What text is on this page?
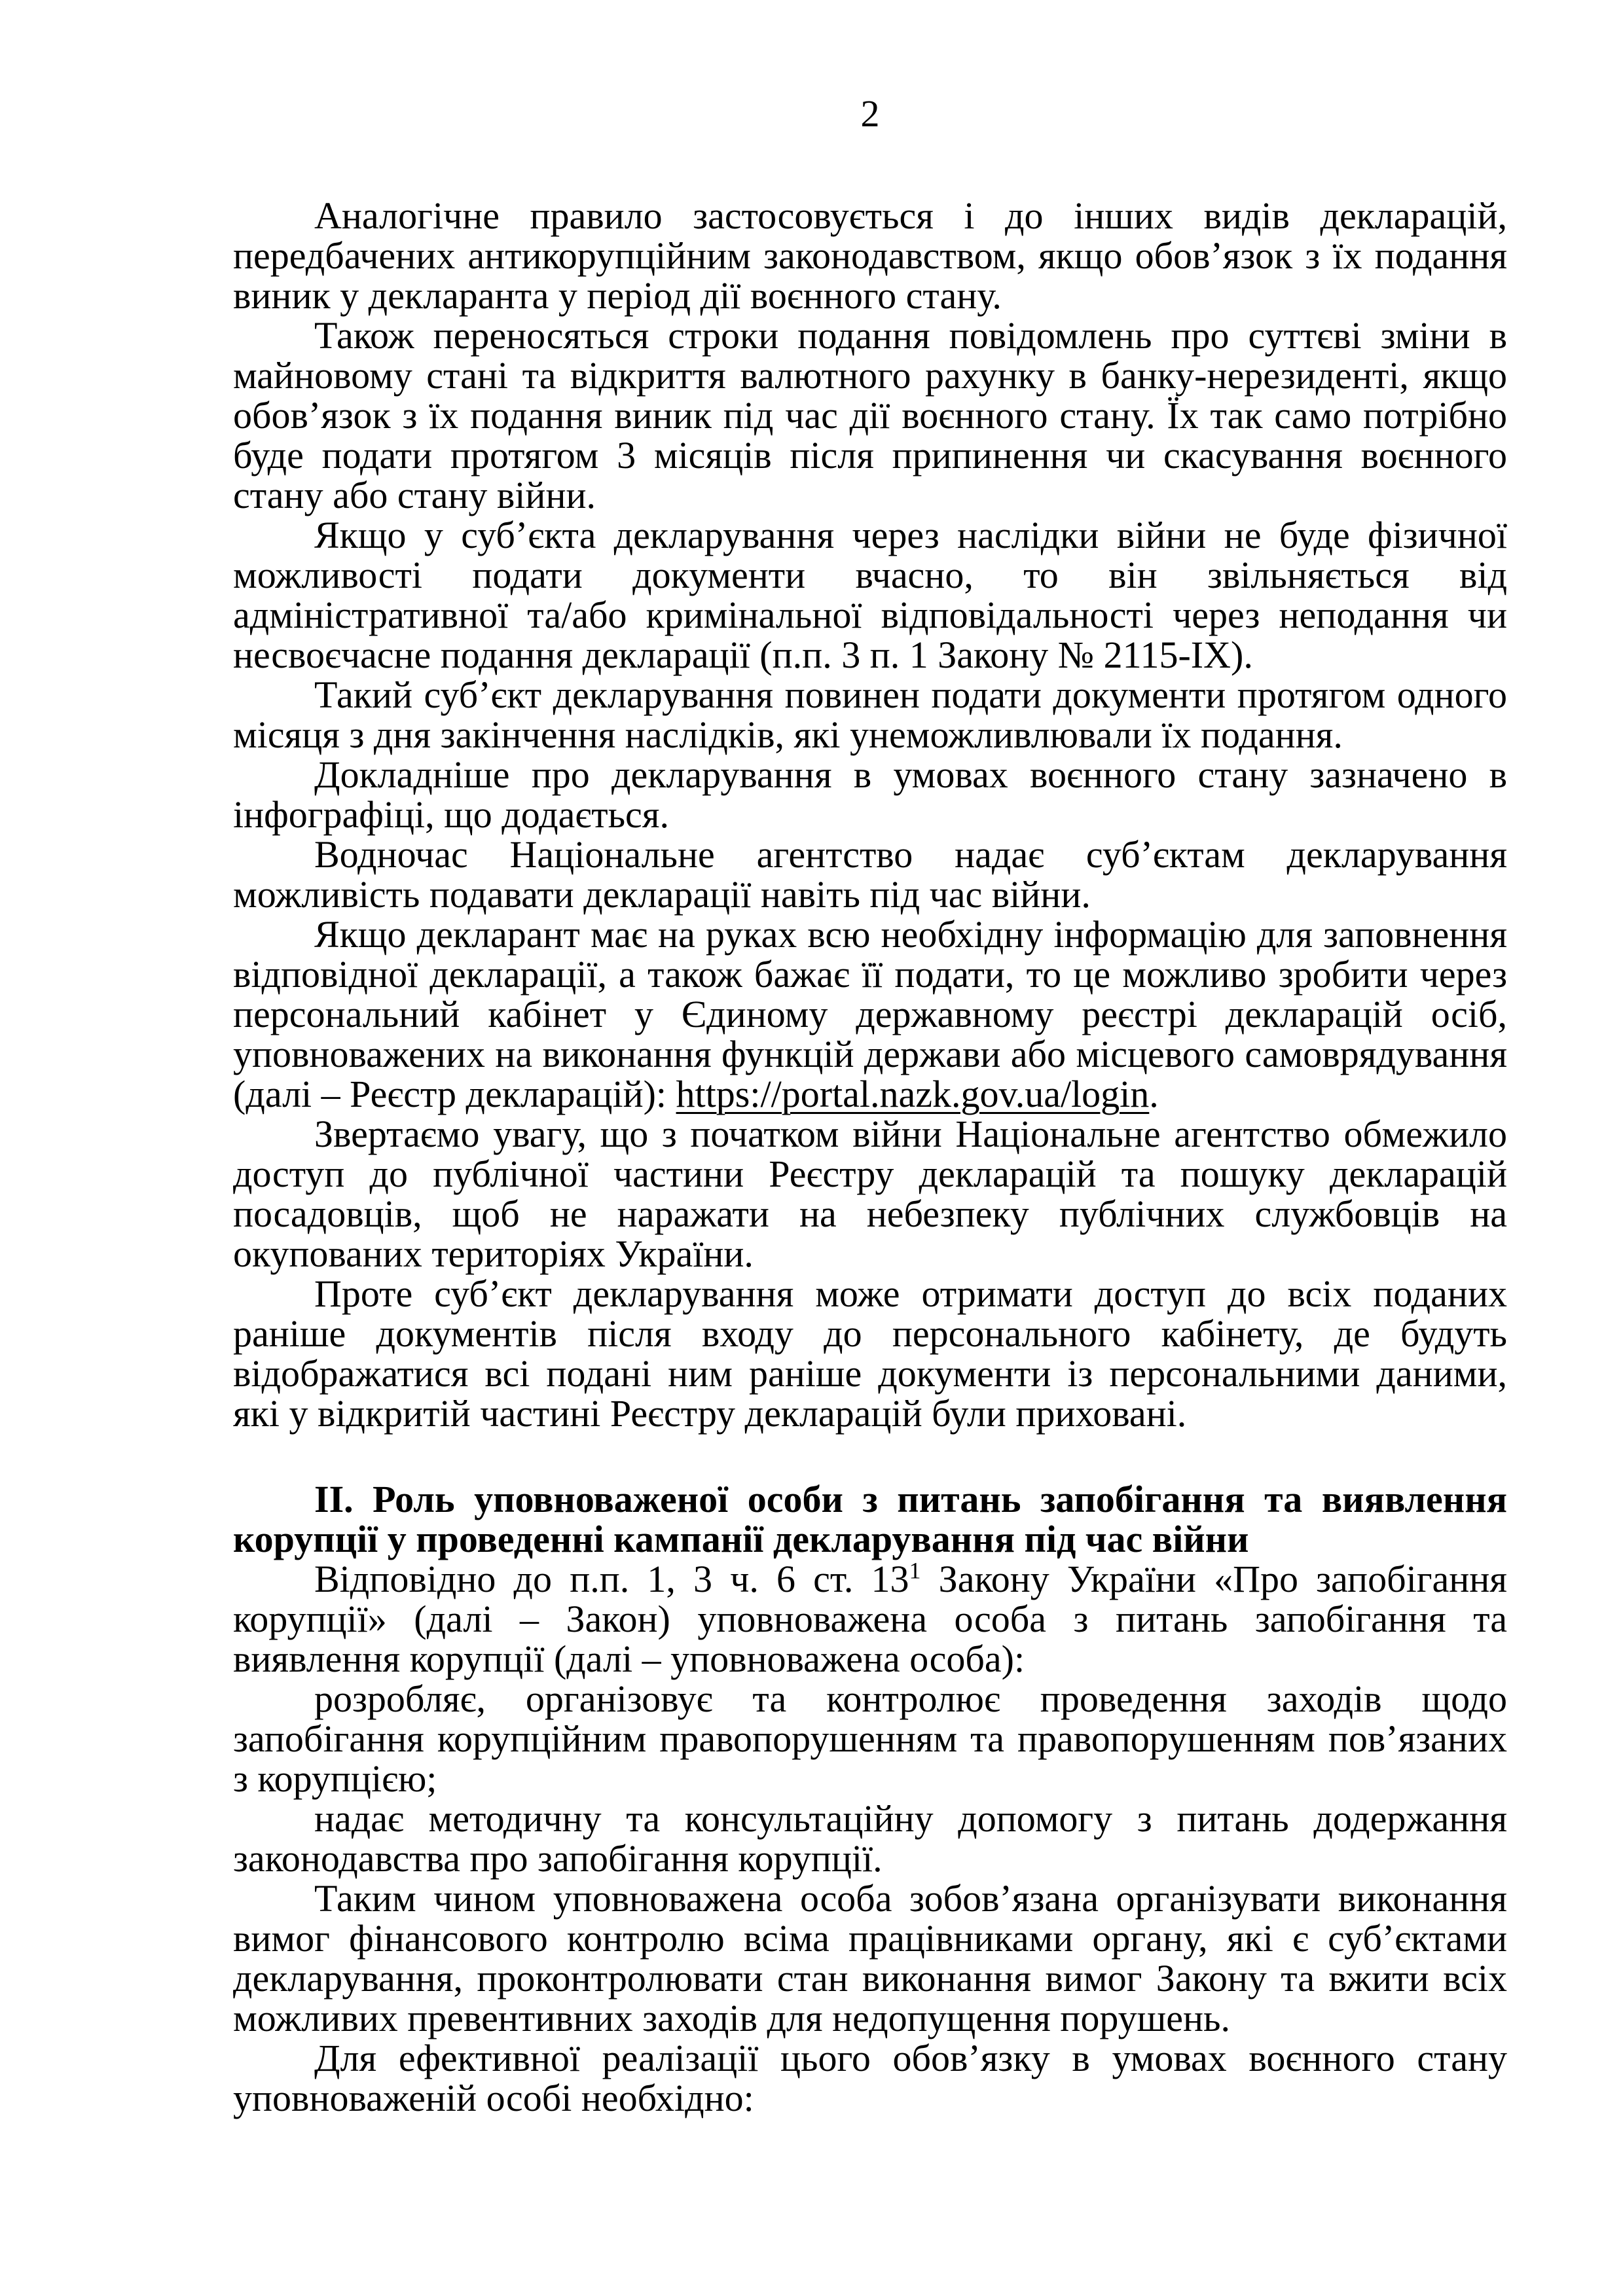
2

Аналогічне правило застосовується і до інших видів декларацій, передбачених антикорупційним законодавством, якщо обов’язок з їх подання виник у декларанта у період дії воєнного стану.

Також переносяться строки подання повідомлень про суттєві зміни в майновому стані та відкриття валютного рахунку в банку-нерезиденті, якщо обов’язок з їх подання виник під час дії воєнного стану. Їх так само потрібно буде подати протягом 3 місяців після припинення чи скасування воєнного стану або стану війни.

Якщо у суб’єкта декларування через наслідки війни не буде фізичної можливості подати документи вчасно, то він звільняється від адміністративної та/або кримінальної відповідальності через неподання чи несвоєчасне подання декларації (п.п. 3 п. 1 Закону № 2115-IX).

Такий суб’єкт декларування повинен подати документи протягом одного місяця з дня закінчення наслідків, які унеможливлювали їх подання.

Докладніше про декларування в умовах воєнного стану зазначено в інфографіці, що додається.

Водночас Національне агентство надає суб’єктам декларування можливість подавати декларації навіть під час війни.

Якщо декларант має на руках всю необхідну інформацію для заповнення відповідної декларації, а також бажає її подати, то це можливо зробити через персональний кабінет у Єдиному державному реєстрі декларацій осіб, уповноважених на виконання функцій держави або місцевого самоврядування (далі – Реєстр декларацій): https://portal.nazk.gov.ua/login.

Звертаємо увагу, що з початком війни Національне агентство обмежило доступ до публічної частини Реєстру декларацій та пошуку декларацій посадовців, щоб не наражати на небезпеку публічних службовців на окупованих територіях України.

Проте суб’єкт декларування може отримати доступ до всіх поданих раніше документів після входу до персонального кабінету, де будуть відображатися всі подані ним раніше документи із персональними даними, які у відкритій частині Реєстру декларацій були приховані.

ІІ. Роль уповноваженої особи з питань запобігання та виявлення корупції у проведенні кампанії декларування під час війни

Відповідно до п.п. 1, 3 ч. 6 ст. 13$^1$ Закону України «Про запобігання корупції» (далі – Закон) уповноважена особа з питань запобігання та виявлення корупції (далі – уповноважена особа):

розробляє, організовує та контролює проведення заходів щодо запобігання корупційним правопорушенням та правопорушенням пов’язаних з корупцією;

надає методичну та консультаційну допомогу з питань додержання законодавства про запобігання корупції.

Таким чином уповноважена особа зобов’язана організувати виконання вимог фінансового контролю всіма працівниками органу, які є суб’єктами декларування, проконтролювати стан виконання вимог Закону та вжити всіх можливих превентивних заходів для недопущення порушень.

Для ефективної реалізації цього обов’язку в умовах воєнного стану уповноваженій особі необхідно:
